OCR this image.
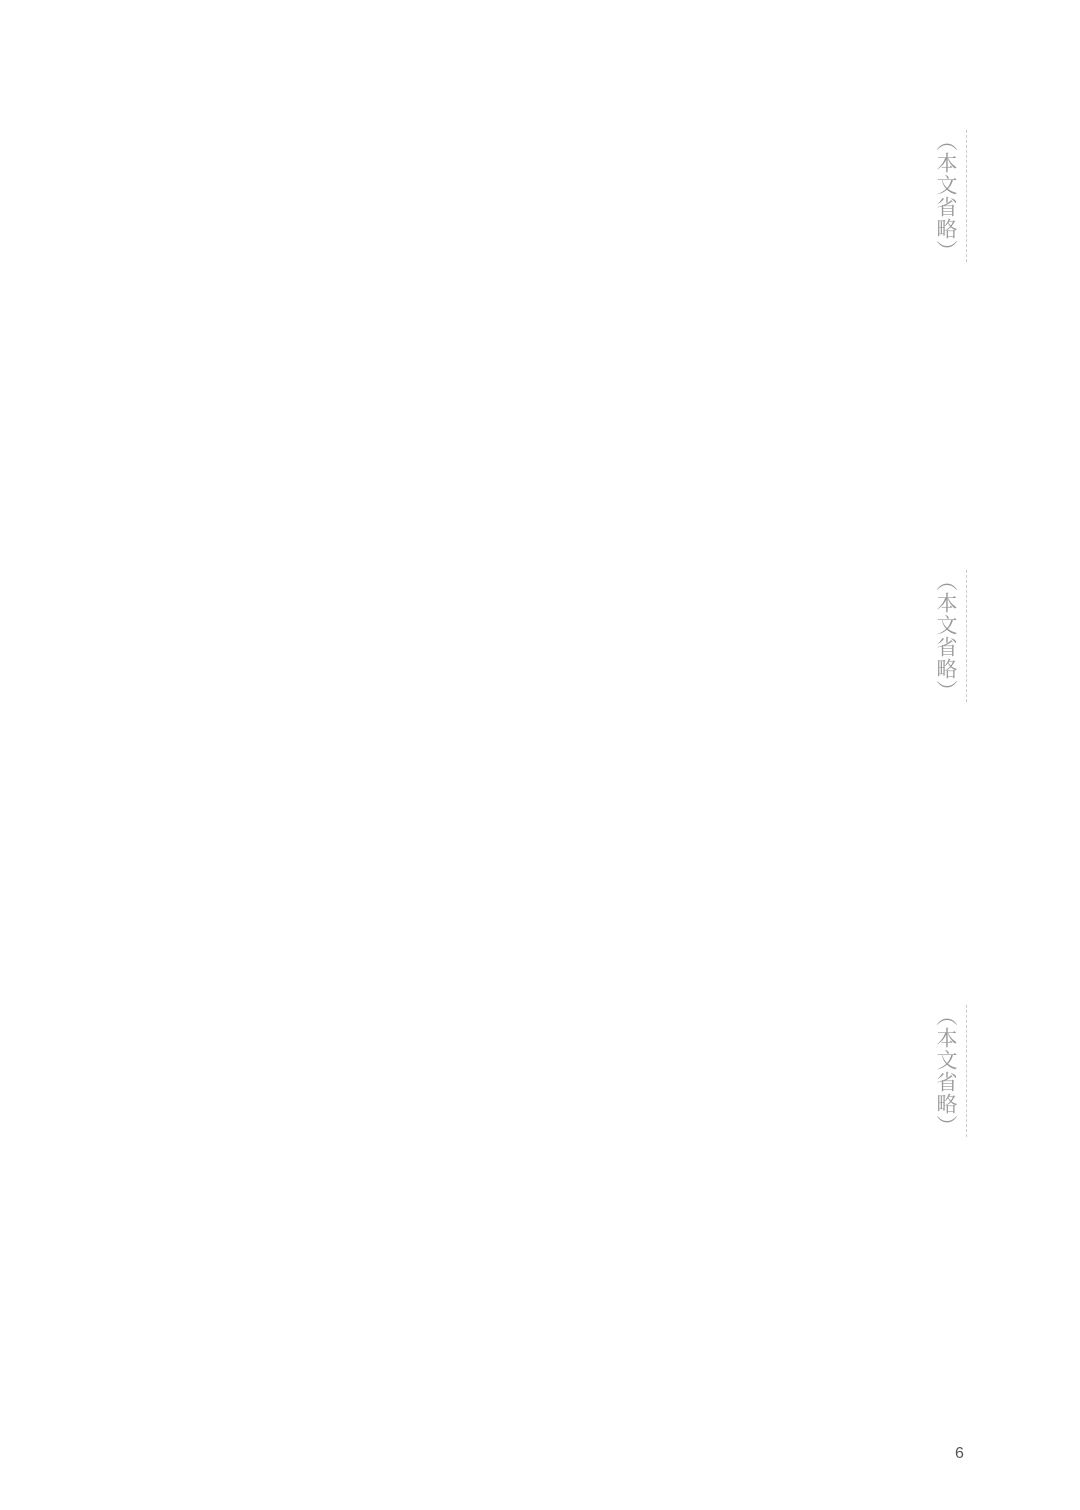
（本文省略）
（本文省略）
（本文省略）
6
